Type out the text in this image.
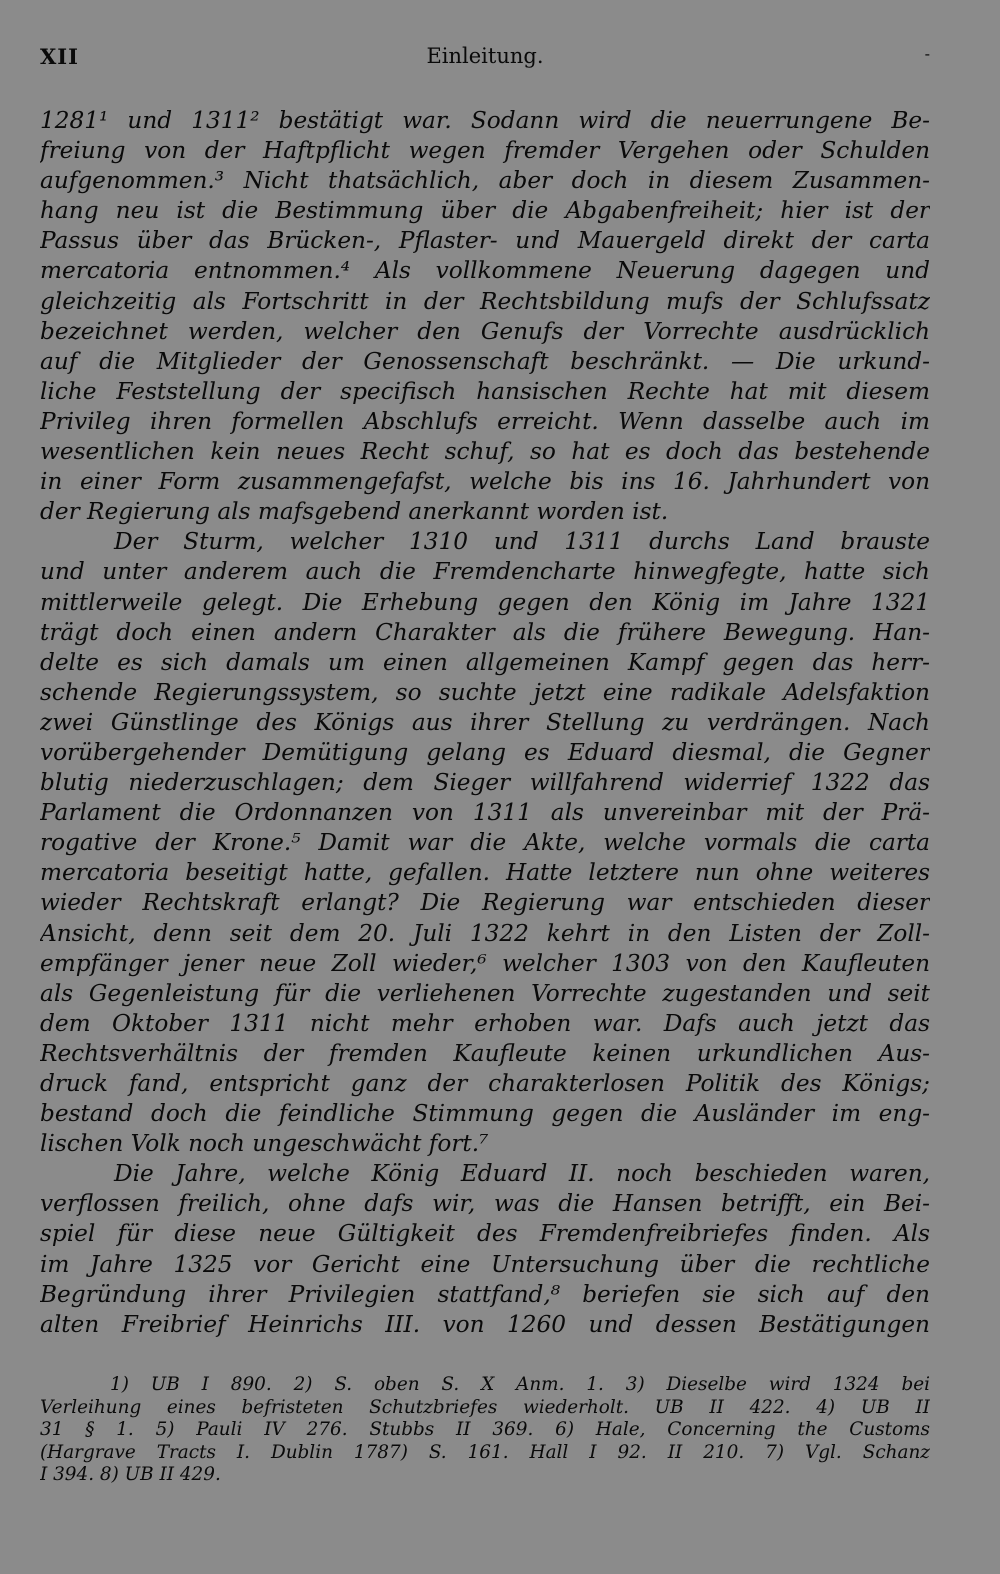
XII	Einleitung.	-
1281¹ und 1311² bestätigt war. Sodann wird die neuerrungene Be-
freiung von der Haftpflicht wegen fremder Vergehen oder Schulden
aufgenommen.³ Nicht thatsächlich, aber doch in diesem Zusammen-
hang neu ist die Bestimmung über die Abgabenfreiheit; hier ist der
Passus über das Brücken-, Pflaster- und Mauergeld direkt der carta
mercatoria entnommen.⁴ Als vollkommene Neuerung dagegen und
gleichzeitig als Fortschritt in der Rechtsbildung mufs der Schlufssatz
bezeichnet werden, welcher den Genufs der Vorrechte ausdrücklich
auf die Mitglieder der Genossenschaft beschränkt. — Die urkund-
liche Feststellung der specifisch hansischen Rechte hat mit diesem
Privileg ihren formellen Abschlufs erreicht. Wenn dasselbe auch im
wesentlichen kein neues Recht schuf, so hat es doch das bestehende
in einer Form zusammengefafst, welche bis ins 16. Jahrhundert von
der Regierung als mafsgebend anerkannt worden ist.
Der Sturm, welcher 1310 und 1311 durchs Land brauste
und unter anderem auch die Fremdencharte hinwegfegte, hatte sich
mittlerweile gelegt. Die Erhebung gegen den König im Jahre 1321
trägt doch einen andern Charakter als die frühere Bewegung. Han-
delte es sich damals um einen allgemeinen Kampf gegen das herr-
schende Regierungssystem, so suchte jetzt eine radikale Adelsfaktion
zwei Günstlinge des Königs aus ihrer Stellung zu verdrängen. Nach
vorübergehender Demütigung gelang es Eduard diesmal, die Gegner
blutig niederzuschlagen; dem Sieger willfahrend widerrief 1322 das
Parlament die Ordonnanzen von 1311 als unvereinbar mit der Prä-
rogative der Krone.⁵ Damit war die Akte, welche vormals die carta
mercatoria beseitigt hatte, gefallen. Hatte letztere nun ohne weiteres
wieder Rechtskraft erlangt? Die Regierung war entschieden dieser
Ansicht, denn seit dem 20. Juli 1322 kehrt in den Listen der Zoll-
empfänger jener neue Zoll wieder,⁶ welcher 1303 von den Kaufleuten
als Gegenleistung für die verliehenen Vorrechte zugestanden und seit
dem Oktober 1311 nicht mehr erhoben war. Dafs auch jetzt das
Rechtsverhältnis der fremden Kaufleute keinen urkundlichen Aus-
druck fand, entspricht ganz der charakterlosen Politik des Königs;
bestand doch die feindliche Stimmung gegen die Ausländer im eng-
lischen Volk noch ungeschwächt fort.⁷
Die Jahre, welche König Eduard II. noch beschieden waren,
verflossen freilich, ohne dafs wir, was die Hansen betrifft, ein Bei-
spiel für diese neue Gültigkeit des Fremdenfreibriefes finden. Als
im Jahre 1325 vor Gericht eine Untersuchung über die rechtliche
Begründung ihrer Privilegien stattfand,⁸ beriefen sie sich auf den
alten Freibrief Heinrichs III. von 1260 und dessen Bestätigungen
1) UB I 890. 2) S. oben S. X Anm. 1. 3) Dieselbe wird 1324 bei
Verleihung eines befristeten Schutzbriefes wiederholt. UB II 422. 4) UB II
31 § 1. 5) Pauli IV 276. Stubbs II 369. 6) Hale, Concerning the Customs
(Hargrave Tracts I. Dublin 1787) S. 161. Hall I 92. II 210. 7) Vgl. Schanz
I 394. 8) UB II 429.
